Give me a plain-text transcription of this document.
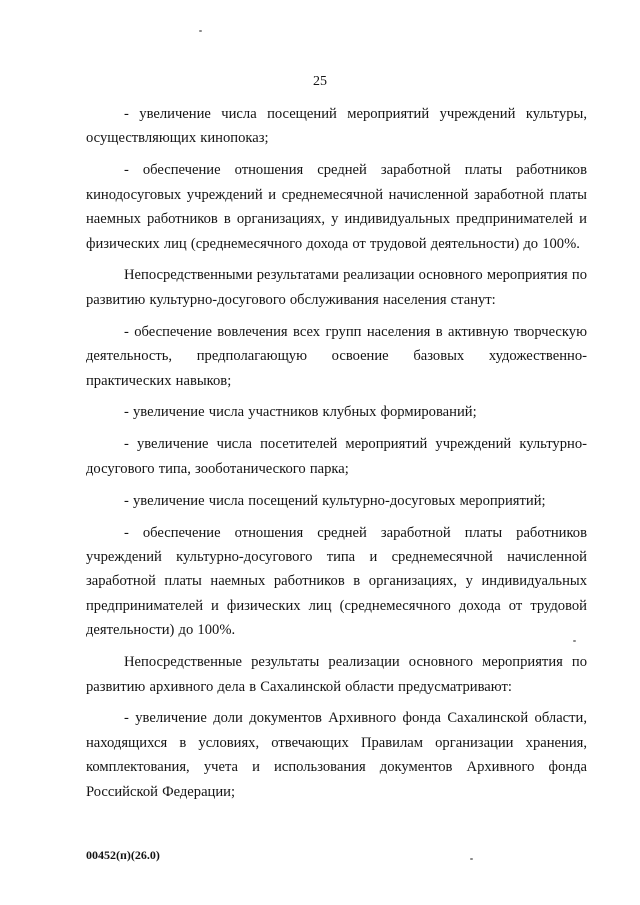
25

- увеличение числа посещений мероприятий учреждений культуры, осуществляющих кинопоказ;

- обеспечение отношения средней заработной платы работников кинодосуговых учреждений и среднемесячной начисленной заработной платы наемных работников в организациях, у индивидуальных предпринимателей и физических лиц (среднемесячного дохода от трудовой деятельности) до 100%.

Непосредственными результатами реализации основного мероприятия по развитию культурно-досугового обслуживания населения станут:

- обеспечение вовлечения всех групп населения в активную творческую деятельность, предполагающую освоение базовых художественно-практических навыков;

- увеличение числа участников клубных формирований;

- увеличение числа посетителей мероприятий учреждений культурно-досугового типа, зооботанического парка;

- увеличение числа посещений культурно-досуговых мероприятий;

- обеспечение отношения средней заработной платы работников учреждений культурно-досугового типа и среднемесячной начисленной заработной платы наемных работников в организациях, у индивидуальных предпринимателей и физических лиц (среднемесячного дохода от трудовой деятельности) до 100%.

Непосредственные результаты реализации основного мероприятия по развитию архивного дела в Сахалинской области предусматривают:

- увеличение доли документов Архивного фонда Сахалинской области, находящихся в условиях, отвечающих Правилам организации хранения, комплектования, учета и использования документов Архивного фонда Российской Федерации;

00452(п)(26.0)
